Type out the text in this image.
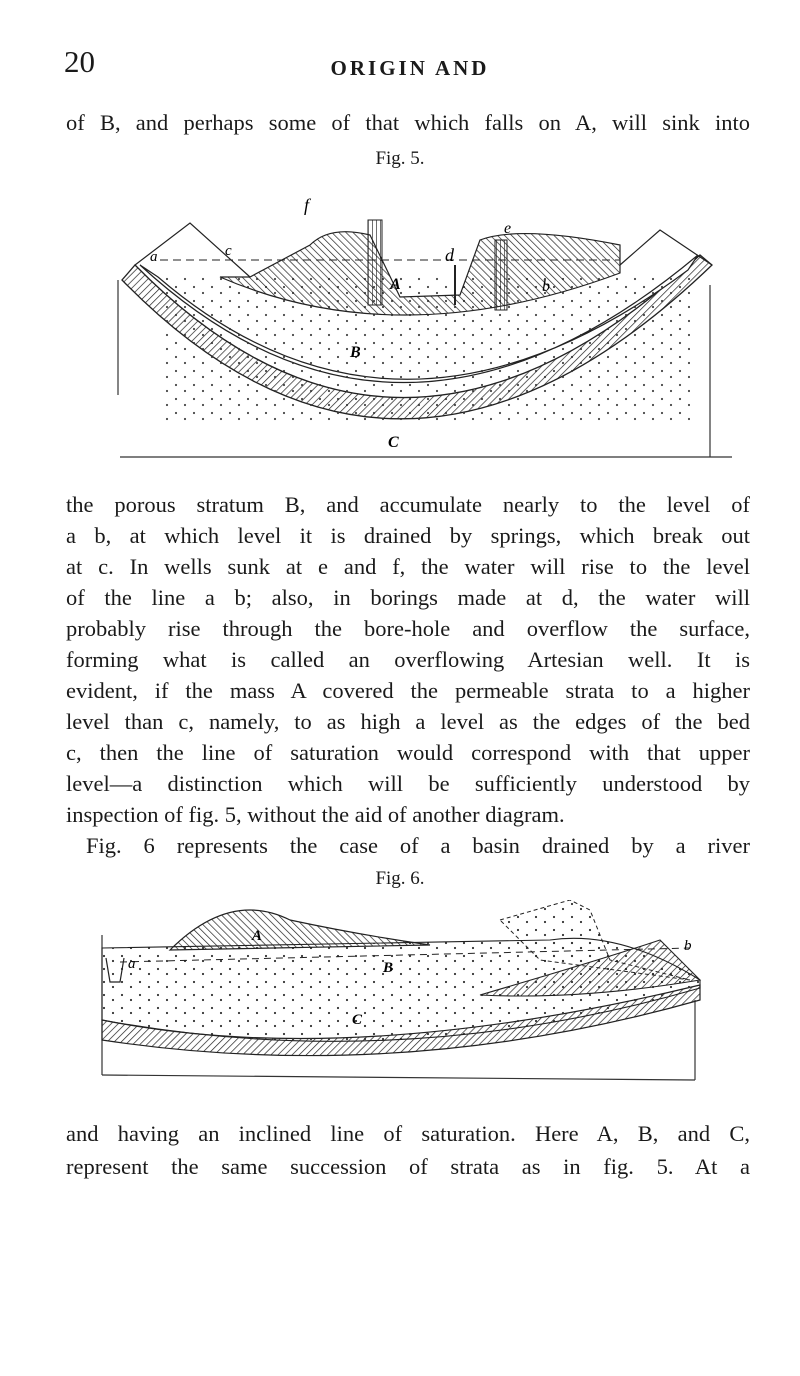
20	ORIGIN AND
of B, and perhaps some of that which falls on A, will sink into
Fig. 5.
f
e
c	d
a
b
A
B
C
the porous stratum B, and accumulate nearly to the level of
a b, at which level it is drained by springs, which break out
at c. In wells sunk at e and f, the water will rise to the level
of the line a b; also, in borings made at d, the water will
probably rise through the bore-hole and overflow the surface,
forming what is called an overflowing Artesian well. It is
evident, if the mass A covered the permeable strata to a higher
level than c, namely, to as high a level as the edges of the bed
c, then the line of saturation would correspond with that upper
level—a distinction which will be sufficiently understood by
inspection of fig. 5, without the aid of another diagram.
Fig. 6 represents the case of a basin drained by a river
Fig. 6.
A
B
C
a
b
and having an inclined line of saturation. Here A, B, and C,
represent the same succession of strata as in fig. 5. At a
